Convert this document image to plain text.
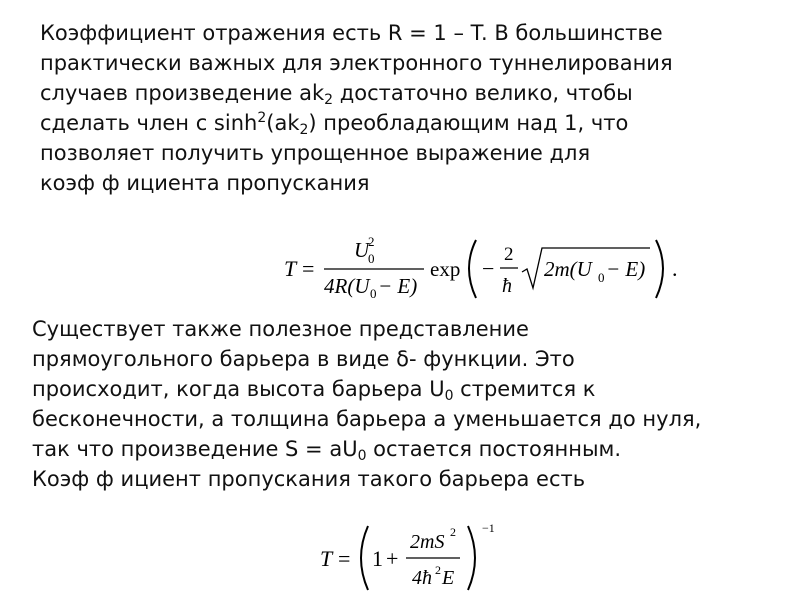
Коэффициент отражения есть R = 1 – T. В большинстве
практически важных для электронного туннелирования
случаев произведение $ak_2$ достаточно велико, чтобы
сделать член с $\sinh^2(ak_2)$ преобладающим над 1, что
позволяет получить упрощенное выражение для
коэф ф ициента пропускания
T =
U
0
2
4R(U 0 − E)
exp −
2
ħ
2m(U 0 − E) .
Существует также полезное представление
прямоугольного барьера в виде δ- функции. Это
происходит, когда высота барьера $U_0$ стремится к
бесконечности, а толщина барьера а уменьшается до нуля,
так что произведение $S = aU_0$ остается постоянным.
Коэф ф ициент пропускания такого барьера есть
T = 1 +
2mS 2
4ħ 2 E
−1
